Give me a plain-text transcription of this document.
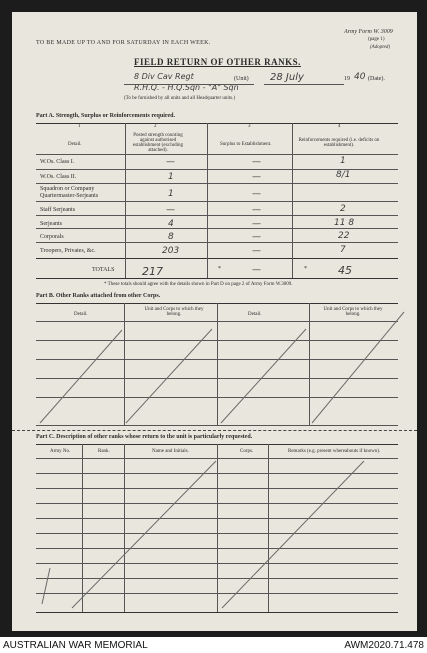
TO BE MADE UP TO AND FOR SATURDAY IN EACH WEEK.
Army Form W. 3009
(page 1)
(Adopted)
FIELD RETURN OF OTHER RANKS.
8 Div Cav Regt
R.H.Q. - H.Q.Sqn - "A" Sqn
(Unit) 28 July	19 40 (Date).
(To be furnished by all units and all Headquarter units.)
Part A. Strength, Surplus or Reinforcements required.
1	2	3	4
Detail.
Posted strength counting against authorised establishment (excluding attached).
Surplus to Establishment.
Reinforcements required (i.e. deficits on establishment).
W.Os. Class I.	—	—	1
W.Os. Class II.	1	—	8/1
Squadron or Company Quartermaster-Serjeants	1	—
Staff Serjeants	—	—	2
Serjeants	4	—	11 8
Corporals	8	—	22
Troopers, Privates, &c.	203	—	7
TOTALS	217	*	—	*	45
* These totals should agree with the details shown in Part D on page 2 of Army Form W.3009.
Part B. Other Ranks attached from other Corps.
Detail.
Unit and Corps to which they belong.	Detail.
Unit and Corps to which they belong.
Part C. Description of other ranks whose return to the unit is particularly requested.
Army No.	Rank.	Name and Initials.	Corps.	Remarks (e.g. present whereabouts if known).
AUSTRALIAN WAR MEMORIAL	AWM2020.71.478
